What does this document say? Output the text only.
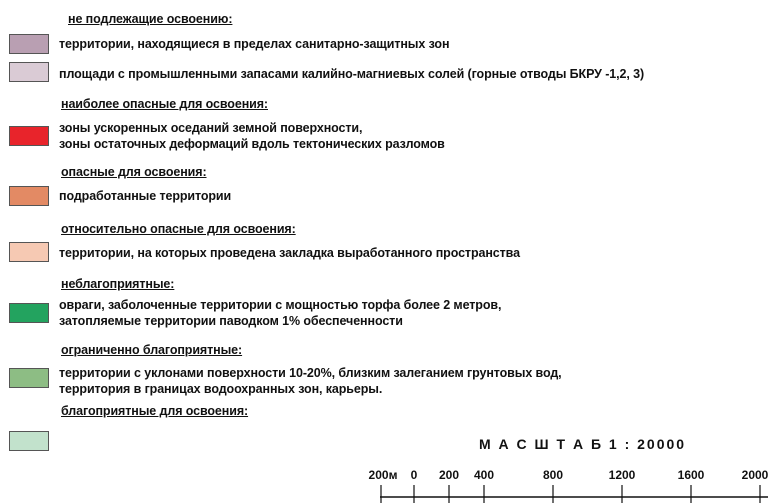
не подлежащие освоению:
территории, находящиеся в пределах санитарно-защитных зон
площади с промышленными запасами калийно-магниевых солей (горные отводы БКРУ -1,2, 3)
наиболее опасные для освоения:
зоны ускоренных оседаний земной поверхности,
зоны остаточных деформаций вдоль тектонических разломов
опасные для освоения:
подработанные территории
относительно опасные для освоения:
территории, на которых проведена закладка выработанного пространства
неблагоприятные:
овраги, заболоченные территории с мощностью торфа более 2 метров,
затопляемые территории паводком 1% обеспеченности
ограниченно благоприятные:
территории с уклонами поверхности 10-20%, близким залеганием грунтовых вод,
территория в границах водоохранных зон, карьеры.
благоприятные для освоения:
М А С Ш Т А Б 1 : 20000
200м 0 200 400	800	1200	1600	2000
